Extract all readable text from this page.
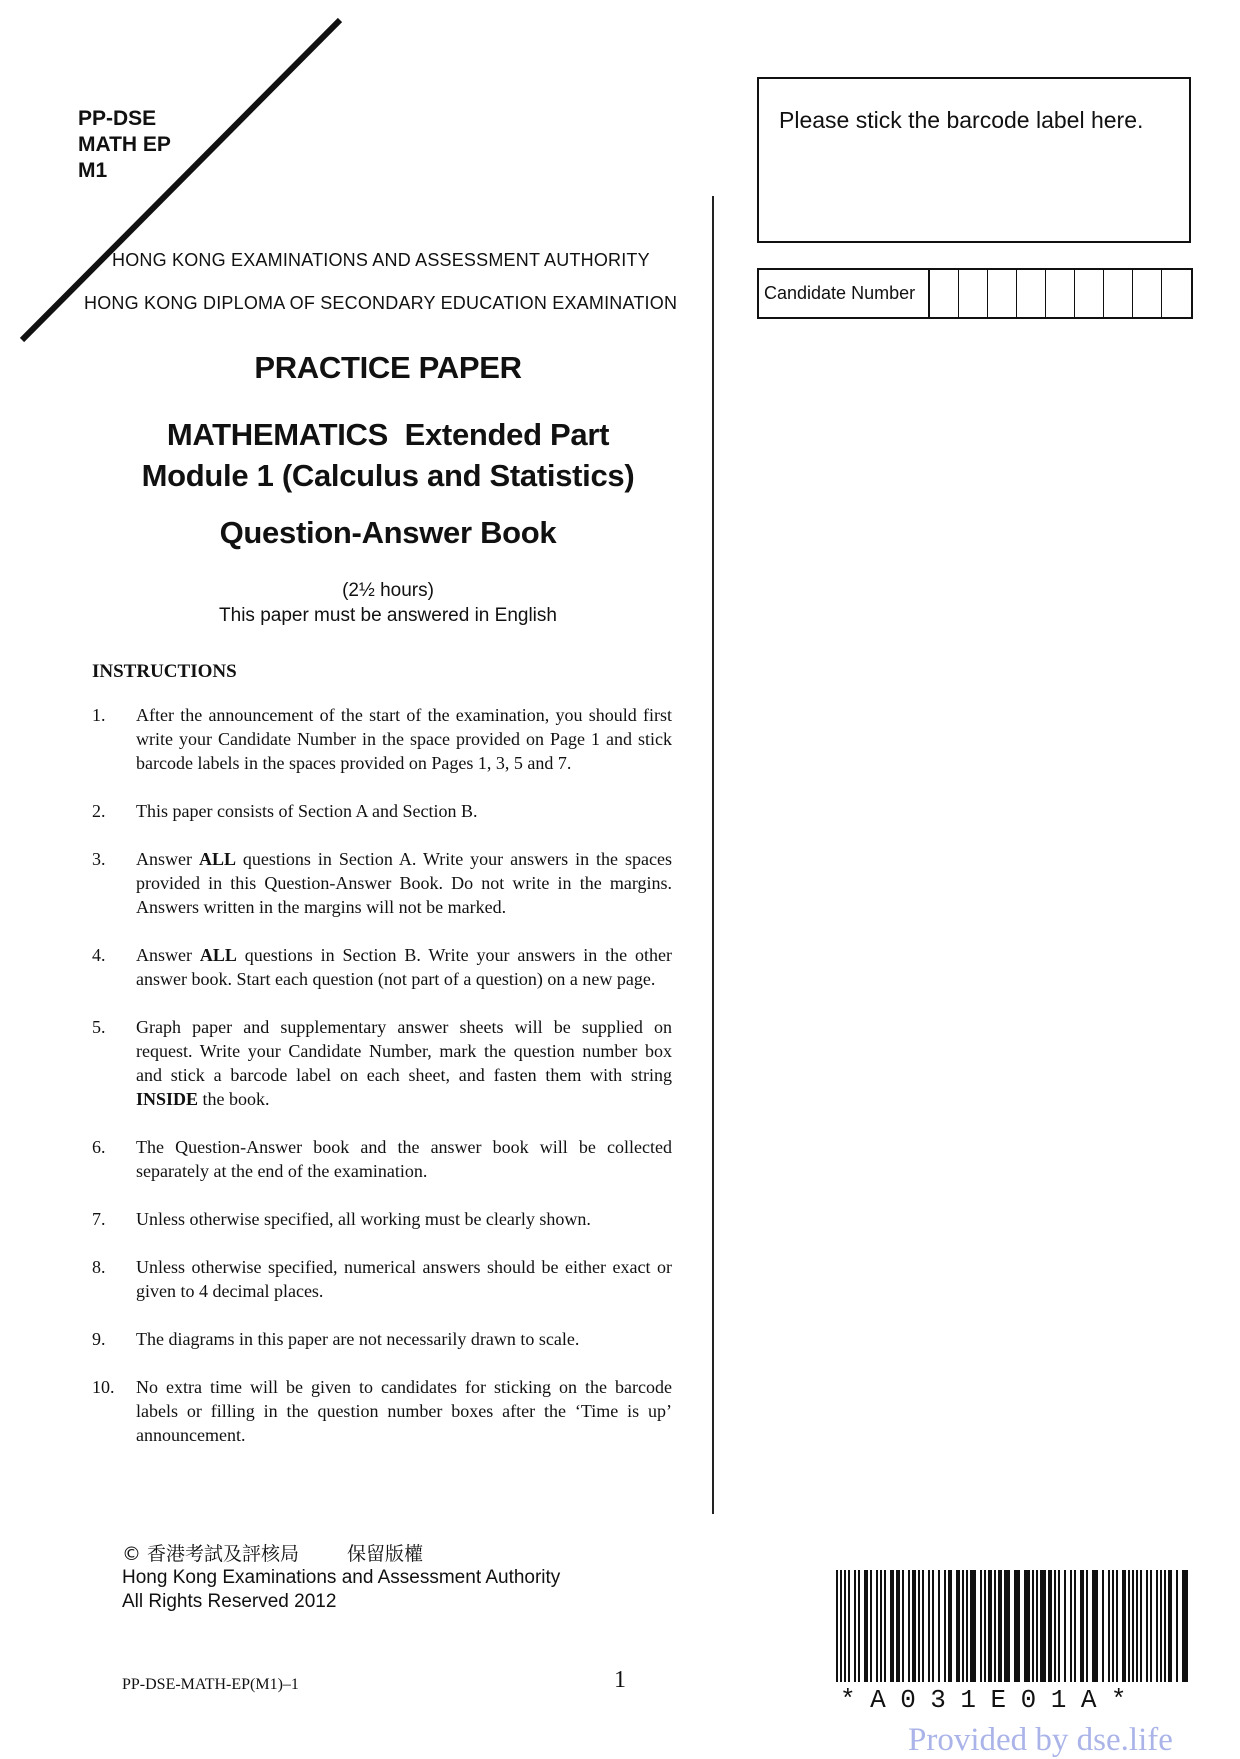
PP-DSE
MATH EP
M1
HONG KONG EXAMINATIONS AND ASSESSMENT AUTHORITY
HONG KONG DIPLOMA OF SECONDARY EDUCATION EXAMINATION
PRACTICE PAPER
MATHEMATICS  Extended Part
Module 1 (Calculus and Statistics)
Question-Answer Book
(2½ hours)
This paper must be answered in English
INSTRUCTIONS
1.	After the announcement of the start of the examination, you should first write your Candidate Number in the space provided on Page 1 and stick barcode labels in the spaces provided on Pages 1, 3, 5 and 7.
2.	This paper consists of Section A and Section B.
3.	Answer ALL questions in Section A. Write your answers in the spaces provided in this Question-Answer Book. Do not write in the margins. Answers written in the margins will not be marked.
4.	Answer ALL questions in Section B. Write your answers in the other answer book. Start each question (not part of a question) on a new page.
5.	Graph paper and supplementary answer sheets will be supplied on request. Write your Candidate Number, mark the question number box and stick a barcode label on each sheet, and fasten them with string INSIDE the book.
6.	The Question-Answer book and the answer book will be collected separately at the end of the examination.
7.	Unless otherwise specified, all working must be clearly shown.
8.	Unless otherwise specified, numerical answers should be either exact or given to 4 decimal places.
9.	The diagrams in this paper are not necessarily drawn to scale.
10.	No extra time will be given to candidates for sticking on the barcode labels or filling in the question number boxes after the ‘Time is up’ announcement.
Please stick the barcode label here.
Candidate Number
© 香港考試及評核局	保留版權
Hong Kong Examinations and Assessment Authority
All Rights Reserved 2012
PP-DSE-MATH-EP(M1)–1	1
*A031E01A*
Provided by dse.life
